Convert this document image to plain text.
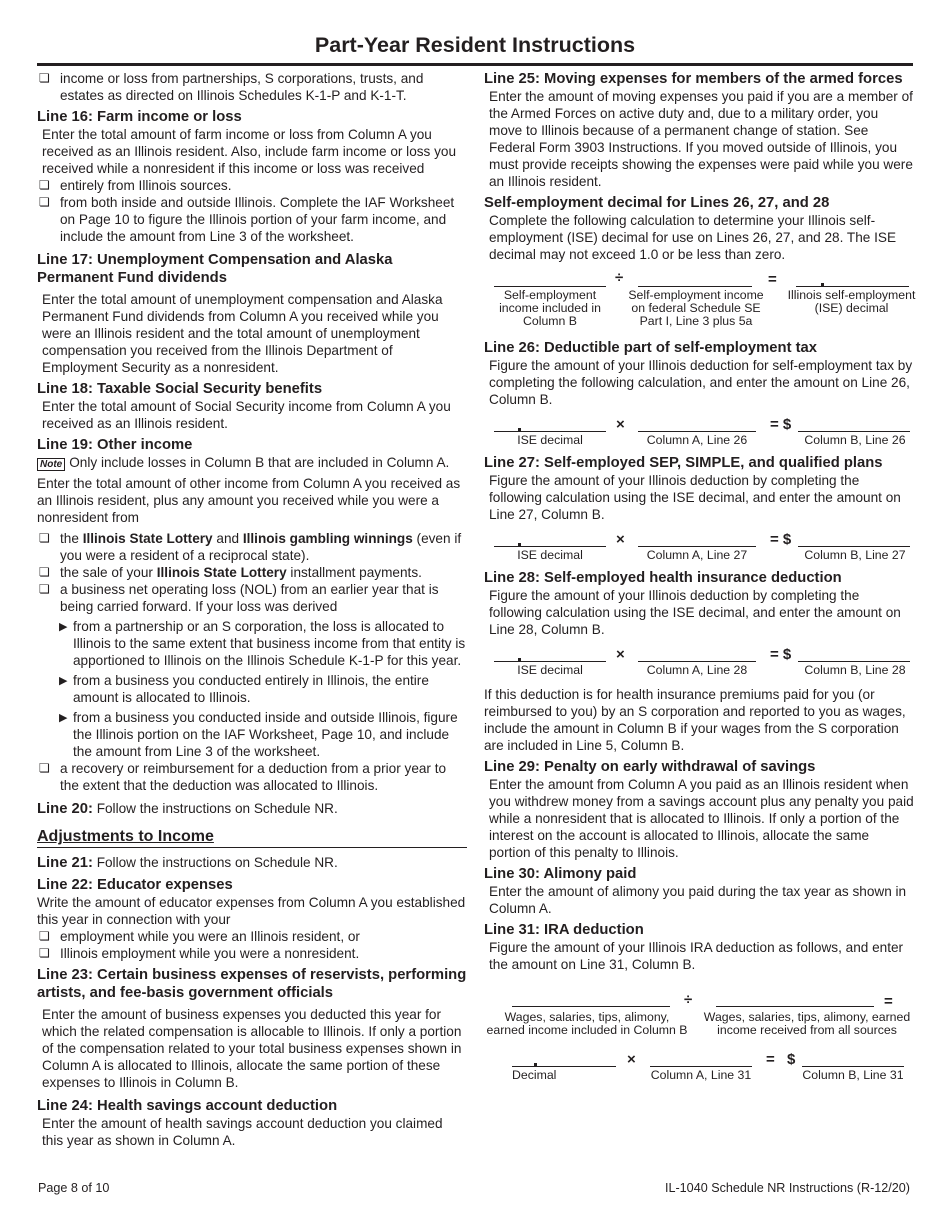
Part-Year Resident Instructions

❏ income or loss from partnerships, S corporations, trusts, and estates as directed on Illinois Schedules K-1-P and K-1-T.

Line 16: Farm income or loss

Enter the total amount of farm income or loss from Column A you received as an Illinois resident. Also, include farm income or loss you received while a nonresident if this income or loss was received

❏ entirely from Illinois sources.

❏ from both inside and outside Illinois. Complete the IAF Worksheet on Page 10 to figure the Illinois portion of your farm income, and include the amount from Line 3 of the worksheet.

Line 17: Unemployment Compensation and Alaska Permanent Fund dividends

Enter the total amount of unemployment compensation and Alaska Permanent Fund dividends from Column A you received while you were an Illinois resident and the total amount of unemployment compensation you received from the Illinois Department of Employment Security as a nonresident.

Line 18: Taxable Social Security benefits

Enter the total amount of Social Security income from Column A you received as an Illinois resident.

Line 19: Other income

Note Only include losses in Column B that are included in Column A.

Enter the total amount of other income from Column A you received as an Illinois resident, plus any amount you received while you were a nonresident from

❏ the Illinois State Lottery and Illinois gambling winnings (even if you were a resident of a reciprocal state).

❏ the sale of your Illinois State Lottery installment payments.

❏ a business net operating loss (NOL) from an earlier year that is being carried forward. If your loss was derived

▶ from a partnership or an S corporation, the loss is allocated to Illinois to the same extent that business income from that entity is apportioned to Illinois on the Illinois Schedule K-1-P for this year.

▶ from a business you conducted entirely in Illinois, the entire amount is allocated to Illinois.

▶ from a business you conducted inside and outside Illinois, figure the Illinois portion on the IAF Worksheet, Page 10, and include the amount from Line 3 of the worksheet.

❏ a recovery or reimbursement for a deduction from a prior year to the extent that the deduction was allocated to Illinois.

Line 20: Follow the instructions on Schedule NR.

Adjustments to Income

Line 21: Follow the instructions on Schedule NR.

Line 22: Educator expenses

Write the amount of educator expenses from Column A you established this year in connection with your

❏ employment while you were an Illinois resident, or

❏ Illinois employment while you were a nonresident.

Line 23: Certain business expenses of reservists, performing artists, and fee-basis government officials

Enter the amount of business expenses you deducted this year for which the related compensation is allocable to Illinois. If only a portion of the compensation related to your total business expenses shown in Column A is allocated to Illinois, allocate the same portion of these expenses to Illinois in Column B.

Line 24: Health savings account deduction

Enter the amount of health savings account deduction you claimed this year as shown in Column A.

Line 25: Moving expenses for members of the armed forces

Enter the amount of moving expenses you paid if you are a member of the Armed Forces on active duty and, due to a military order, you move to Illinois because of a permanent change of station. See Federal Form 3903 Instructions. If you moved outside of Illinois, you must provide receipts showing the expenses were paid while you were an Illinois resident.

Self-employment decimal for Lines 26, 27, and 28

Complete the following calculation to determine your Illinois self-employment (ISE) decimal for use on Lines 26, 27, and 28. The ISE decimal may not exceed 1.0 or be less than zero.

Self-employment income included in Column B
÷
Self-employment income on federal Schedule SE Part I, Line 3 plus 5a
=
Illinois self-employment (ISE) decimal
Line 26: Deductible part of self-employment tax

Figure the amount of your Illinois deduction for self-employment tax by completing the following calculation, and enter the amount on Line 26, Column B.

ISE decimal
×
Column A, Line 26
= $
Column B, Line 26
Line 27: Self-employed SEP, SIMPLE, and qualified plans

Figure the amount of your Illinois deduction by completing the following calculation using the ISE decimal, and enter the amount on Line 27, Column B.

ISE decimal
×
Column A, Line 27
= $
Column B, Line 27
Line 28: Self-employed health insurance deduction

Figure the amount of your Illinois deduction by completing the following calculation using the ISE decimal, and enter the amount on Line 28, Column B.

ISE decimal
×
Column A, Line 28
= $
Column B, Line 28

If this deduction is for health insurance premiums paid for you (or reimbursed to you) by an S corporation and reported to you as wages, include the amount in Column B if your wages from the S corporation are included in Line 5, Column B.

Line 29: Penalty on early withdrawal of savings

Enter the amount from Column A you paid as an Illinois resident when you withdrew money from a savings account plus any penalty you paid while a nonresident that is allocated to Illinois. If only a portion of the interest on the account is allocated to Illinois, allocate the same portion of this penalty to Illinois.

Line 30: Alimony paid

Enter the amount of alimony you paid during the tax year as shown in Column A.

Line 31: IRA deduction

Figure the amount of your Illinois IRA deduction as follows, and enter the amount on Line 31, Column B.

Wages, salaries, tips, alimony, earned income included in Column B
÷
Wages, salaries, tips, alimony, earned income received from all sources
=
Decimal
×
Column A, Line 31
= $
Column B, Line 31
Page 8 of 10	IL-1040 Schedule NR Instructions (R-12/20)
